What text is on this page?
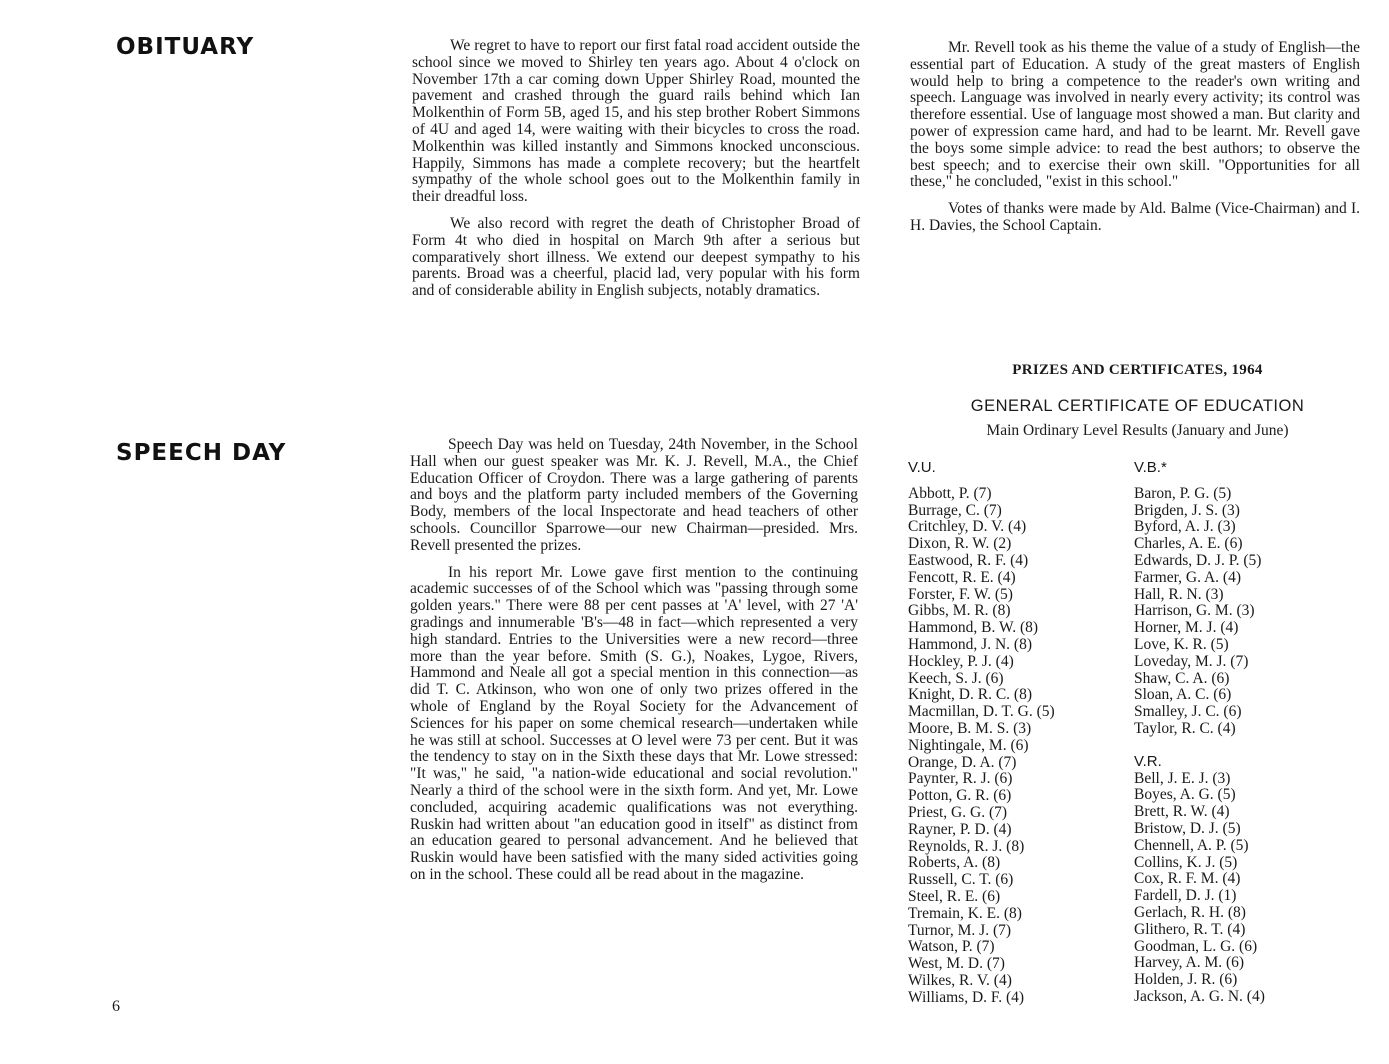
OBITUARY
SPEECH DAY

We regret to have to report our first fatal road accident outside the school since we moved to Shirley ten years ago. About 4 o'clock on November 17th a car coming down Upper Shirley Road, mounted the pavement and crashed through the guard rails behind which Ian Molkenthin of Form 5B, aged 15, and his step brother Robert Simmons of 4U and aged 14, were waiting with their bicycles to cross the road. Molkenthin was killed instantly and Simmons knocked unconscious. Happily, Simmons has made a complete recovery; but the heartfelt sympathy of the whole school goes out to the Molkenthin family in their dreadful loss.

We also record with regret the death of Christopher Broad of Form 4t who died in hospital on March 9th after a serious but comparatively short illness. We extend our deepest sympathy to his parents. Broad was a cheerful, placid lad, very popular with his form and of considerable ability in English subjects, notably dramatics.

Speech Day was held on Tuesday, 24th November, in the School Hall when our guest speaker was Mr. K. J. Revell, M.A., the Chief Education Officer of Croydon. There was a large gathering of parents and boys and the platform party included members of the Governing Body, members of the local Inspectorate and head teachers of other schools. Councillor Sparrowe—our new Chairman—presided. Mrs. Revell presented the prizes.

In his report Mr. Lowe gave first mention to the continuing academic successes of of the School which was "passing through some golden years." There were 88 per cent passes at 'A' level, with 27 'A' gradings and innumerable 'B's—48 in fact—which represented a very high standard. Entries to the Universities were a new record—three more than the year before. Smith (S. G.), Noakes, Lygoe, Rivers, Hammond and Neale all got a special mention in this connection—as did T. C. Atkinson, who won one of only two prizes offered in the whole of England by the Royal Society for the Advancement of Sciences for his paper on some chemical research—undertaken while he was still at school. Successes at O level were 73 per cent. But it was the tendency to stay on in the Sixth these days that Mr. Lowe stressed: "It was," he said, "a nation-wide educational and social revolution." Nearly a third of the school were in the sixth form. And yet, Mr. Lowe concluded, acquiring academic qualifications was not everything. Ruskin had written about "an education good in itself" as distinct from an education geared to personal advancement. And he believed that Ruskin would have been satisfied with the many sided activities going on in the school. These could all be read about in the magazine.

Mr. Revell took as his theme the value of a study of English—the essential part of Education. A study of the great masters of English would help to bring a competence to the reader's own writing and speech. Language was involved in nearly every activity; its control was therefore essential. Use of language most showed a man. But clarity and power of expression came hard, and had to be learnt. Mr. Revell gave the boys some simple advice: to read the best authors; to observe the best speech; and to exercise their own skill. "Opportunities for all these," he concluded, "exist in this school."

Votes of thanks were made by Ald. Balme (Vice-Chairman) and I. H. Davies, the School Captain.

PRIZES AND CERTIFICATES, 1964
GENERAL CERTIFICATE OF EDUCATION
Main Ordinary Level Results (January and June)
V.U.
Abbott, P. (7)
Burrage, C. (7)
Critchley, D. V. (4)
Dixon, R. W. (2)
Eastwood, R. F. (4)
Fencott, R. E. (4)
Forster, F. W. (5)
Gibbs, M. R. (8)
Hammond, B. W. (8)
Hammond, J. N. (8)
Hockley, P. J. (4)
Keech, S. J. (6)
Knight, D. R. C. (8)
Macmillan, D. T. G. (5)
Moore, B. M. S. (3)
Nightingale, M. (6)
Orange, D. A. (7)
Paynter, R. J. (6)
Potton, G. R. (6)
Priest, G. G. (7)
Rayner, P. D. (4)
Reynolds, R. J. (8)
Roberts, A. (8)
Russell, C. T. (6)
Steel, R. E. (6)
Tremain, K. E. (8)
Turnor, M. J. (7)
Watson, P. (7)
West, M. D. (7)
Wilkes, R. V. (4)
Williams, D. F. (4)
V.B.*
Baron, P. G. (5)
Brigden, J. S. (3)
Byford, A. J. (3)
Charles, A. E. (6)
Edwards, D. J. P. (5)
Farmer, G. A. (4)
Hall, R. N. (3)
Harrison, G. M. (3)
Horner, M. J. (4)
Love, K. R. (5)
Loveday, M. J. (7)
Shaw, C. A. (6)
Sloan, A. C. (6)
Smalley, J. C. (6)
Taylor, R. C. (4)
V.R.
Bell, J. E. J. (3)
Boyes, A. G. (5)
Brett, R. W. (4)
Bristow, D. J. (5)
Chennell, A. P. (5)
Collins, K. J. (5)
Cox, R. F. M. (4)
Fardell, D. J. (1)
Gerlach, R. H. (8)
Glithero, R. T. (4)
Goodman, L. G. (6)
Harvey, A. M. (6)
Holden, J. R. (6)
Jackson, A. G. N. (4)
6
